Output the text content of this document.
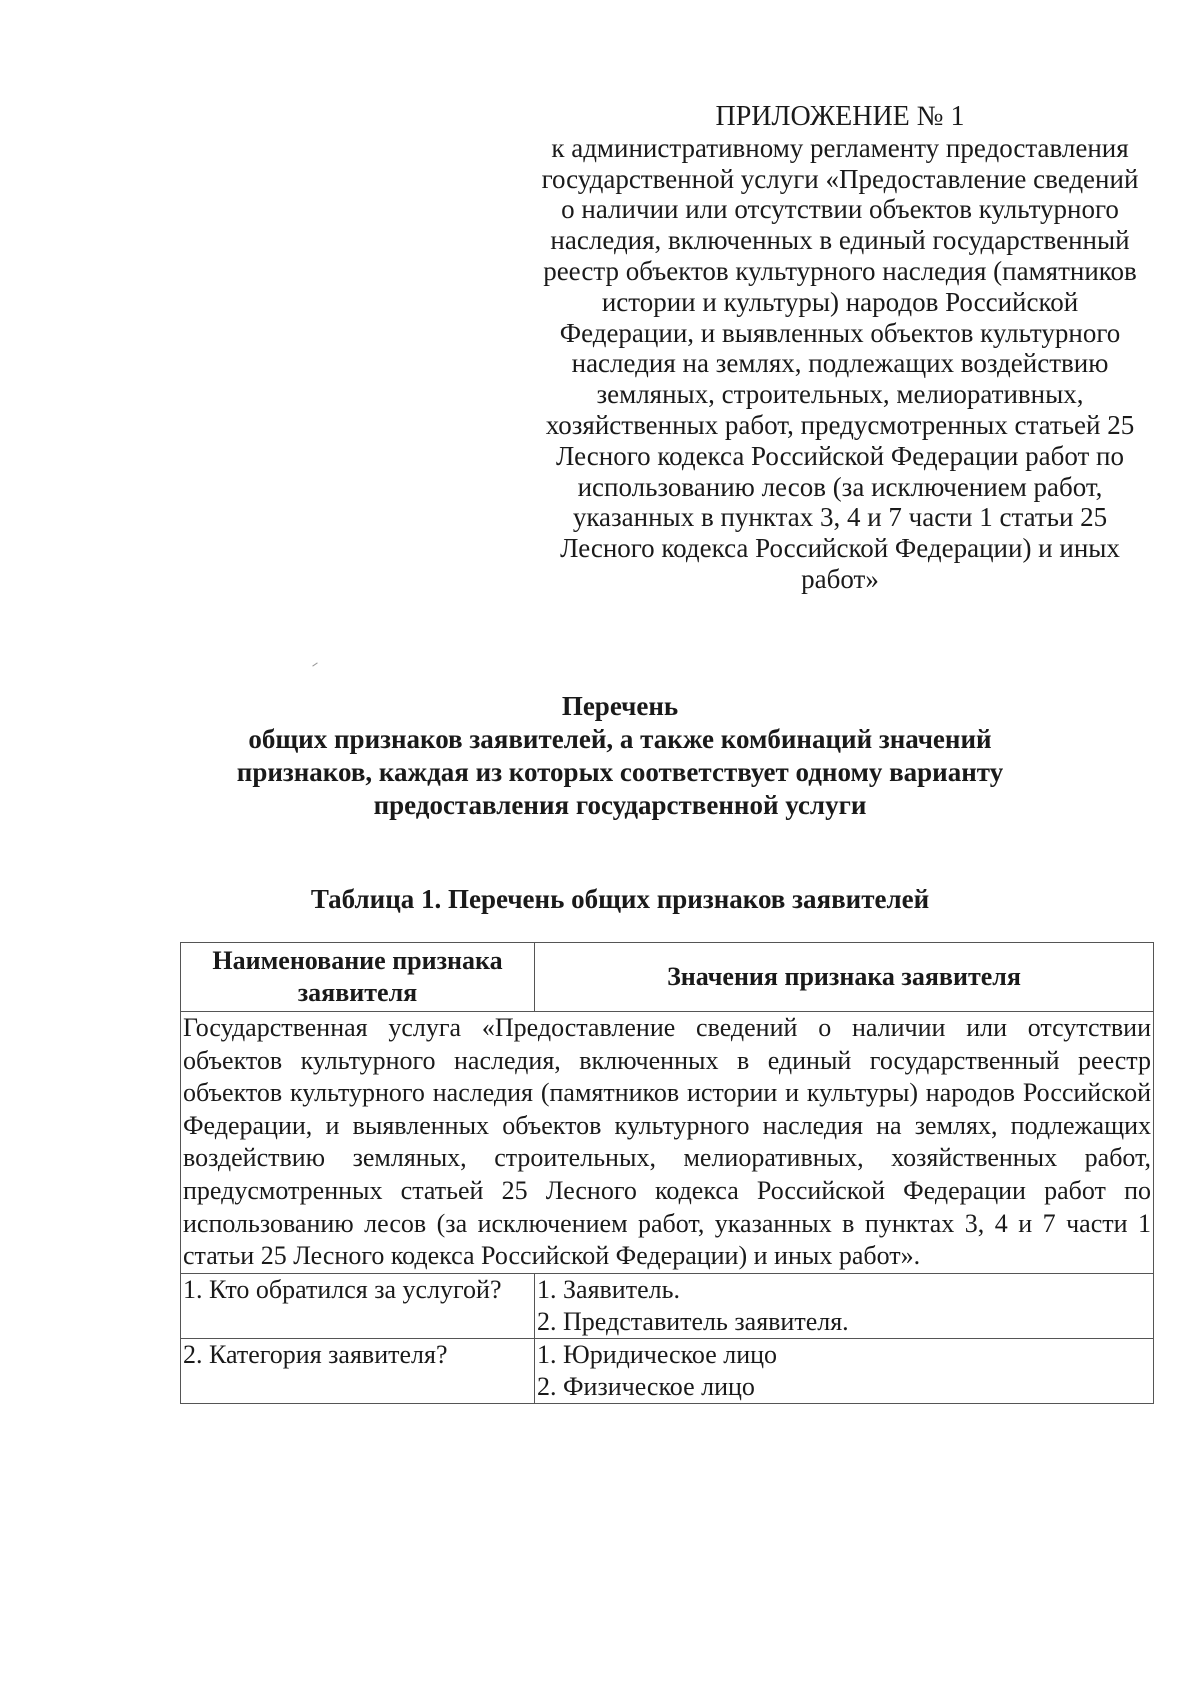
ПРИЛОЖЕНИЕ № 1
к административному регламенту предоставления
государственной услуги «Предоставление сведений
о наличии или отсутствии объектов культурного
наследия, включенных в единый государственный
реестр объектов культурного наследия (памятников
истории и культуры) народов Российской
Федерации, и выявленных объектов культурного
наследия на землях, подлежащих воздействию
земляных, строительных, мелиоративных,
хозяйственных работ, предусмотренных статьей 25
Лесного кодекса Российской Федерации работ по
использованию лесов (за исключением работ,
указанных в пунктах 3, 4 и 7 части 1 статьи 25
Лесного кодекса Российской Федерации) и иных
работ»
Перечень
общих признаков заявителей, а также комбинаций значений
признаков, каждая из которых соответствует одному варианту
предоставления государственной услуги
Таблица 1. Перечень общих признаков заявителей
Наименование признака заявителя	Значения признака заявителя
Государственная услуга «Предоставление сведений о наличии или отсутствии объектов культурного наследия, включенных в единый государственный реестр объектов культурного наследия (памятников истории и культуры) народов Российской Федерации, и выявленных объектов культурного наследия на землях, подлежащих воздействию земляных, строительных, мелиоративных, хозяйственных работ, предусмотренных статьей 25 Лесного кодекса Российской Федерации работ по использованию лесов (за исключением работ, указанных в пунктах 3, 4 и 7 части 1 статьи 25 Лесного кодекса Российской Федерации) и иных работ».	
1. Кто обратился за услугой?	1. Заявитель.
2. Представитель заявителя.

2. Категория заявителя?	1. Юридическое лицо
2. Физическое лицо
